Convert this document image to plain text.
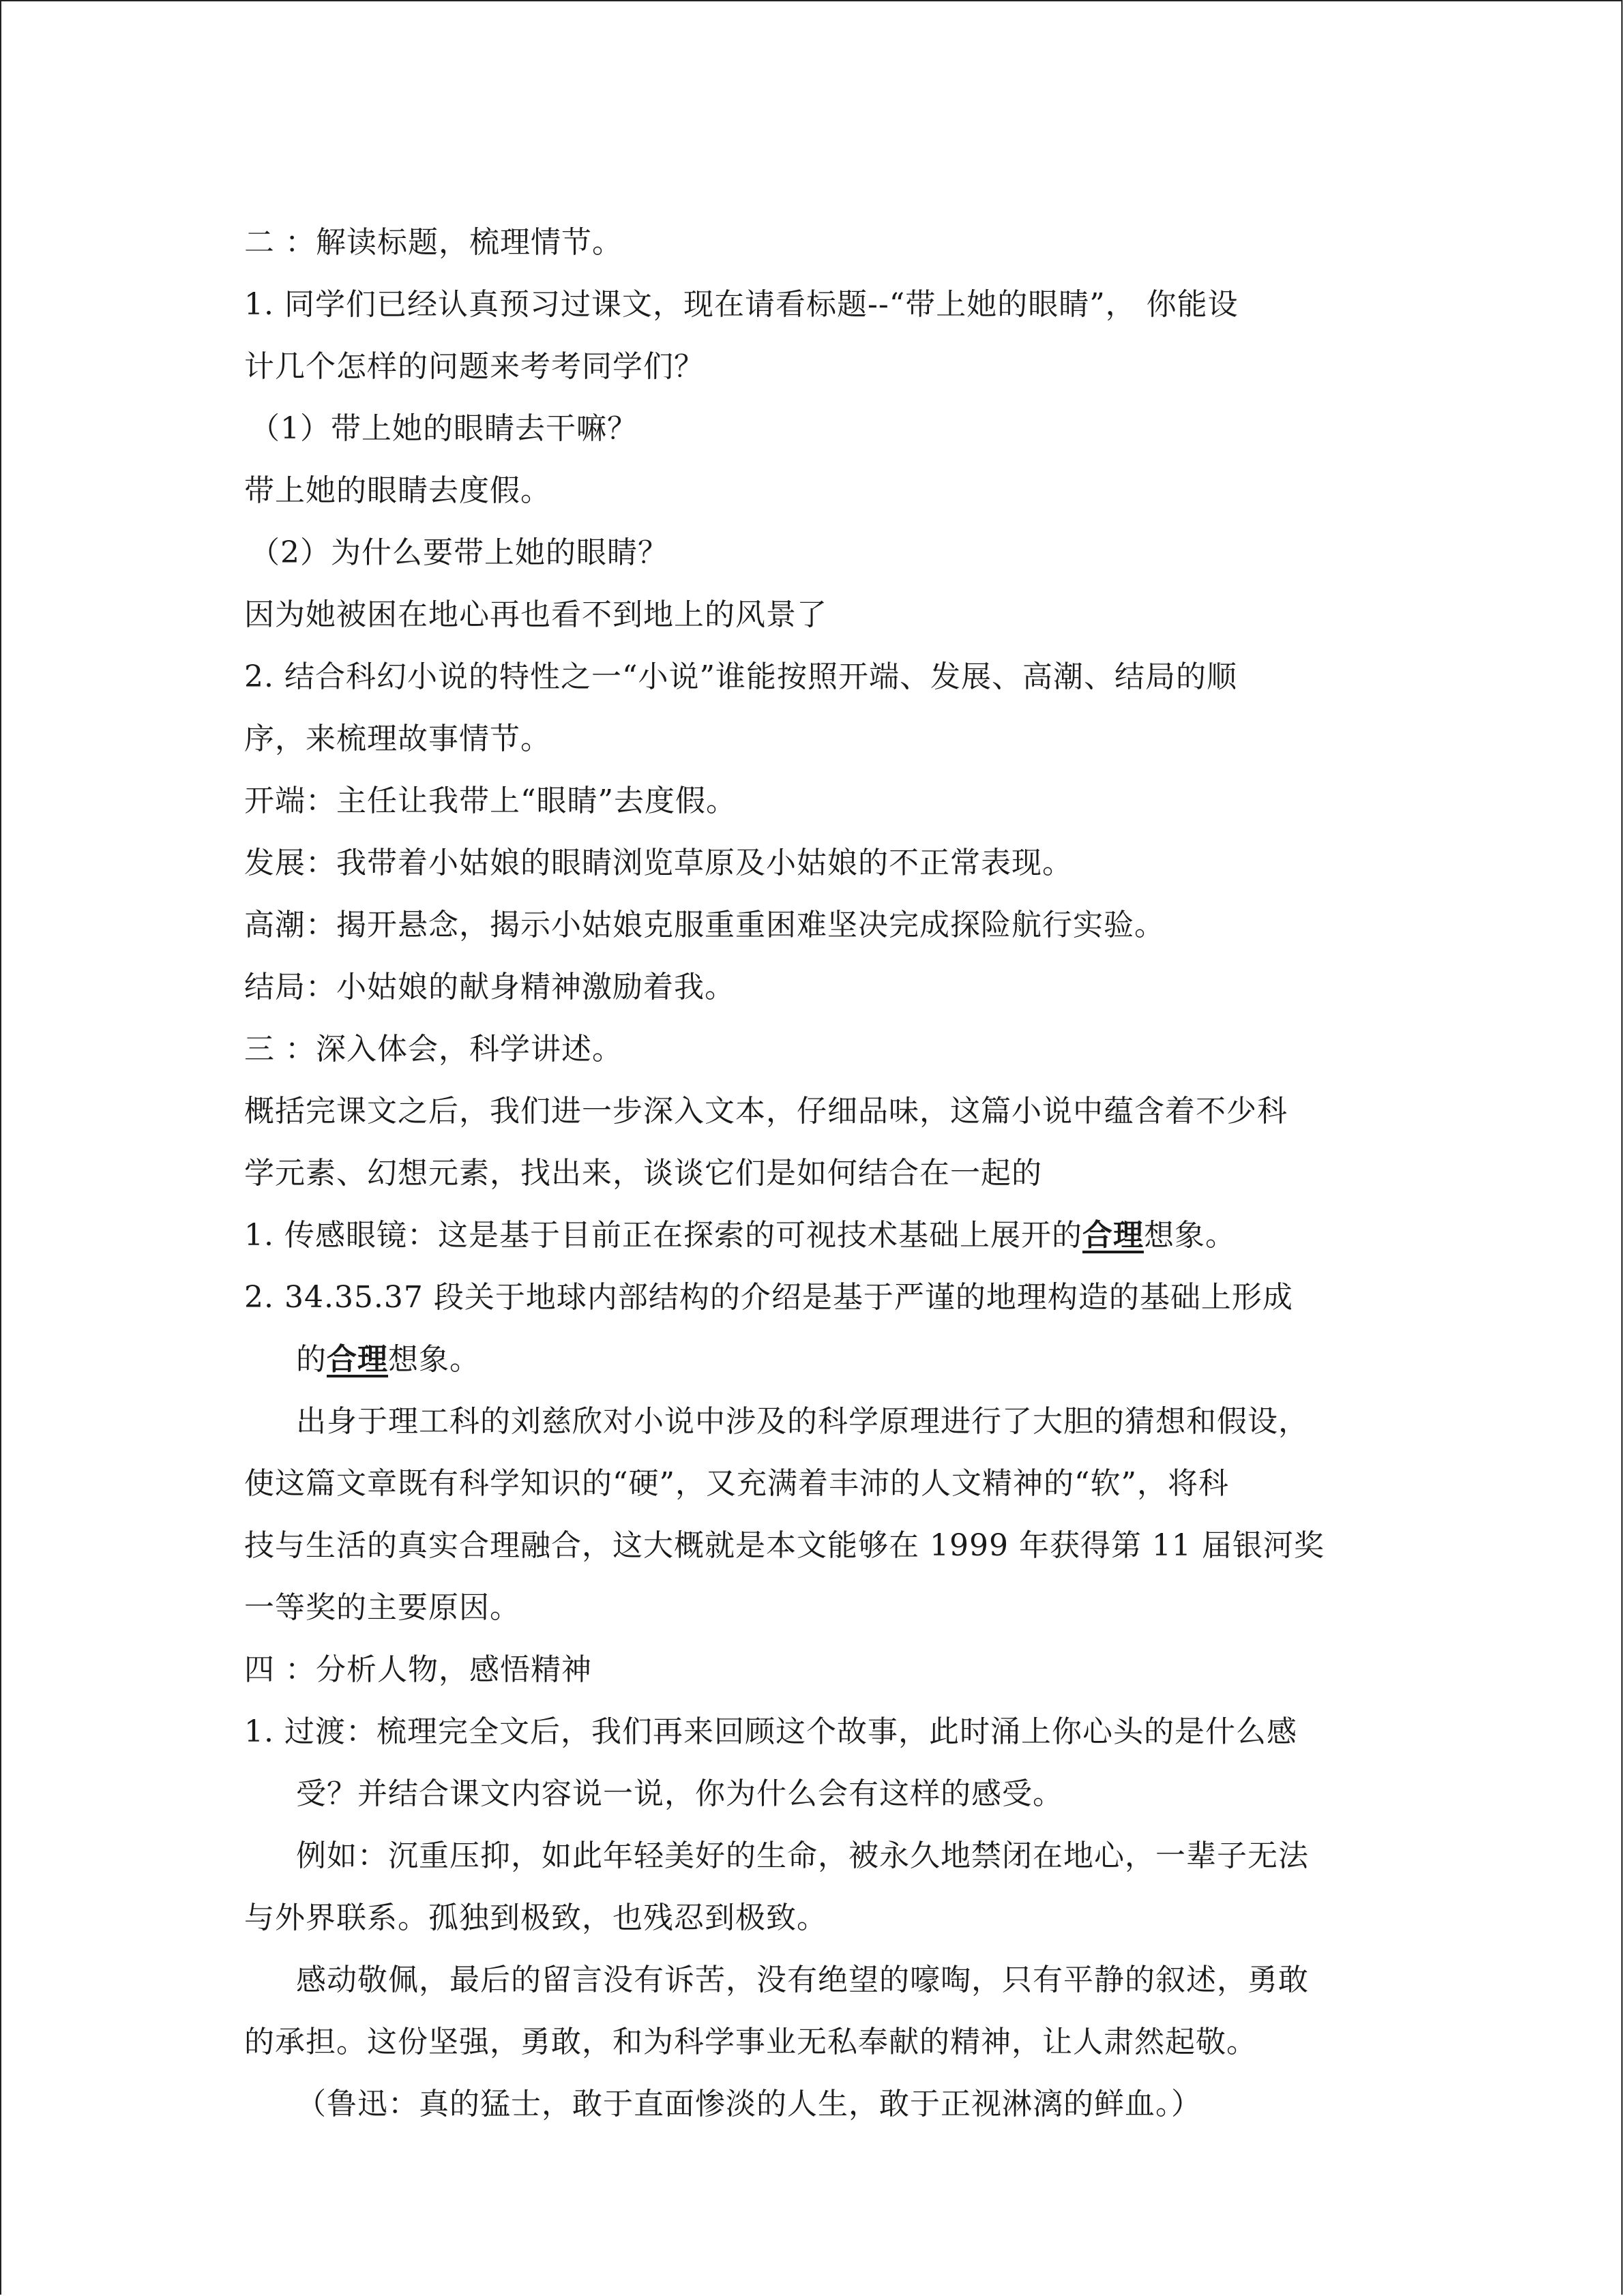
二 ：解读标题，梳理情节。
1. 同学们已经认真预习过课文，现在请看标题--“带上她的眼睛”， 你能设
计几个怎样的问题来考考同学们？
（1）带上她的眼睛去干嘛？
带上她的眼睛去度假。
（2）为什么要带上她的眼睛？
因为她被困在地心再也看不到地上的风景了
2. 结合科幻小说的特性之一“小说”谁能按照开端、发展、高潮、结局的顺
序，来梳理故事情节。
开端：主任让我带上“眼睛”去度假。
发展：我带着小姑娘的眼睛浏览草原及小姑娘的不正常表现。
高潮：揭开悬念，揭示小姑娘克服重重困难坚决完成探险航行实验。
结局：小姑娘的献身精神激励着我。
三 ：深入体会，科学讲述。
概括完课文之后，我们进一步深入文本，仔细品味，这篇小说中蕴含着不少科
学元素、幻想元素，找出来，谈谈它们是如何结合在一起的
1. 传感眼镜：这是基于目前正在探索的可视技术基础上展开的合理想象。
2. 34.35.37 段关于地球内部结构的介绍是基于严谨的地理构造的基础上形成
的合理想象。
出身于理工科的刘慈欣对小说中涉及的科学原理进行了大胆的猜想和假设，
使这篇文章既有科学知识的“硬”，又充满着丰沛的人文精神的“软”，将科
技与生活的真实合理融合，这大概就是本文能够在 1999 年获得第 11 届银河奖
一等奖的主要原因。
四 ：分析人物，感悟精神
1. 过渡：梳理完全文后，我们再来回顾这个故事，此时涌上你心头的是什么感
受？并结合课文内容说一说，你为什么会有这样的感受。
例如：沉重压抑，如此年轻美好的生命，被永久地禁闭在地心，一辈子无法
与外界联系。孤独到极致，也残忍到极致。
感动敬佩，最后的留言没有诉苦，没有绝望的嚎啕，只有平静的叙述，勇敢
的承担。这份坚强，勇敢，和为科学事业无私奉献的精神，让人肃然起敬。
（鲁迅：真的猛士，敢于直面惨淡的人生，敢于正视淋漓的鲜血。）
